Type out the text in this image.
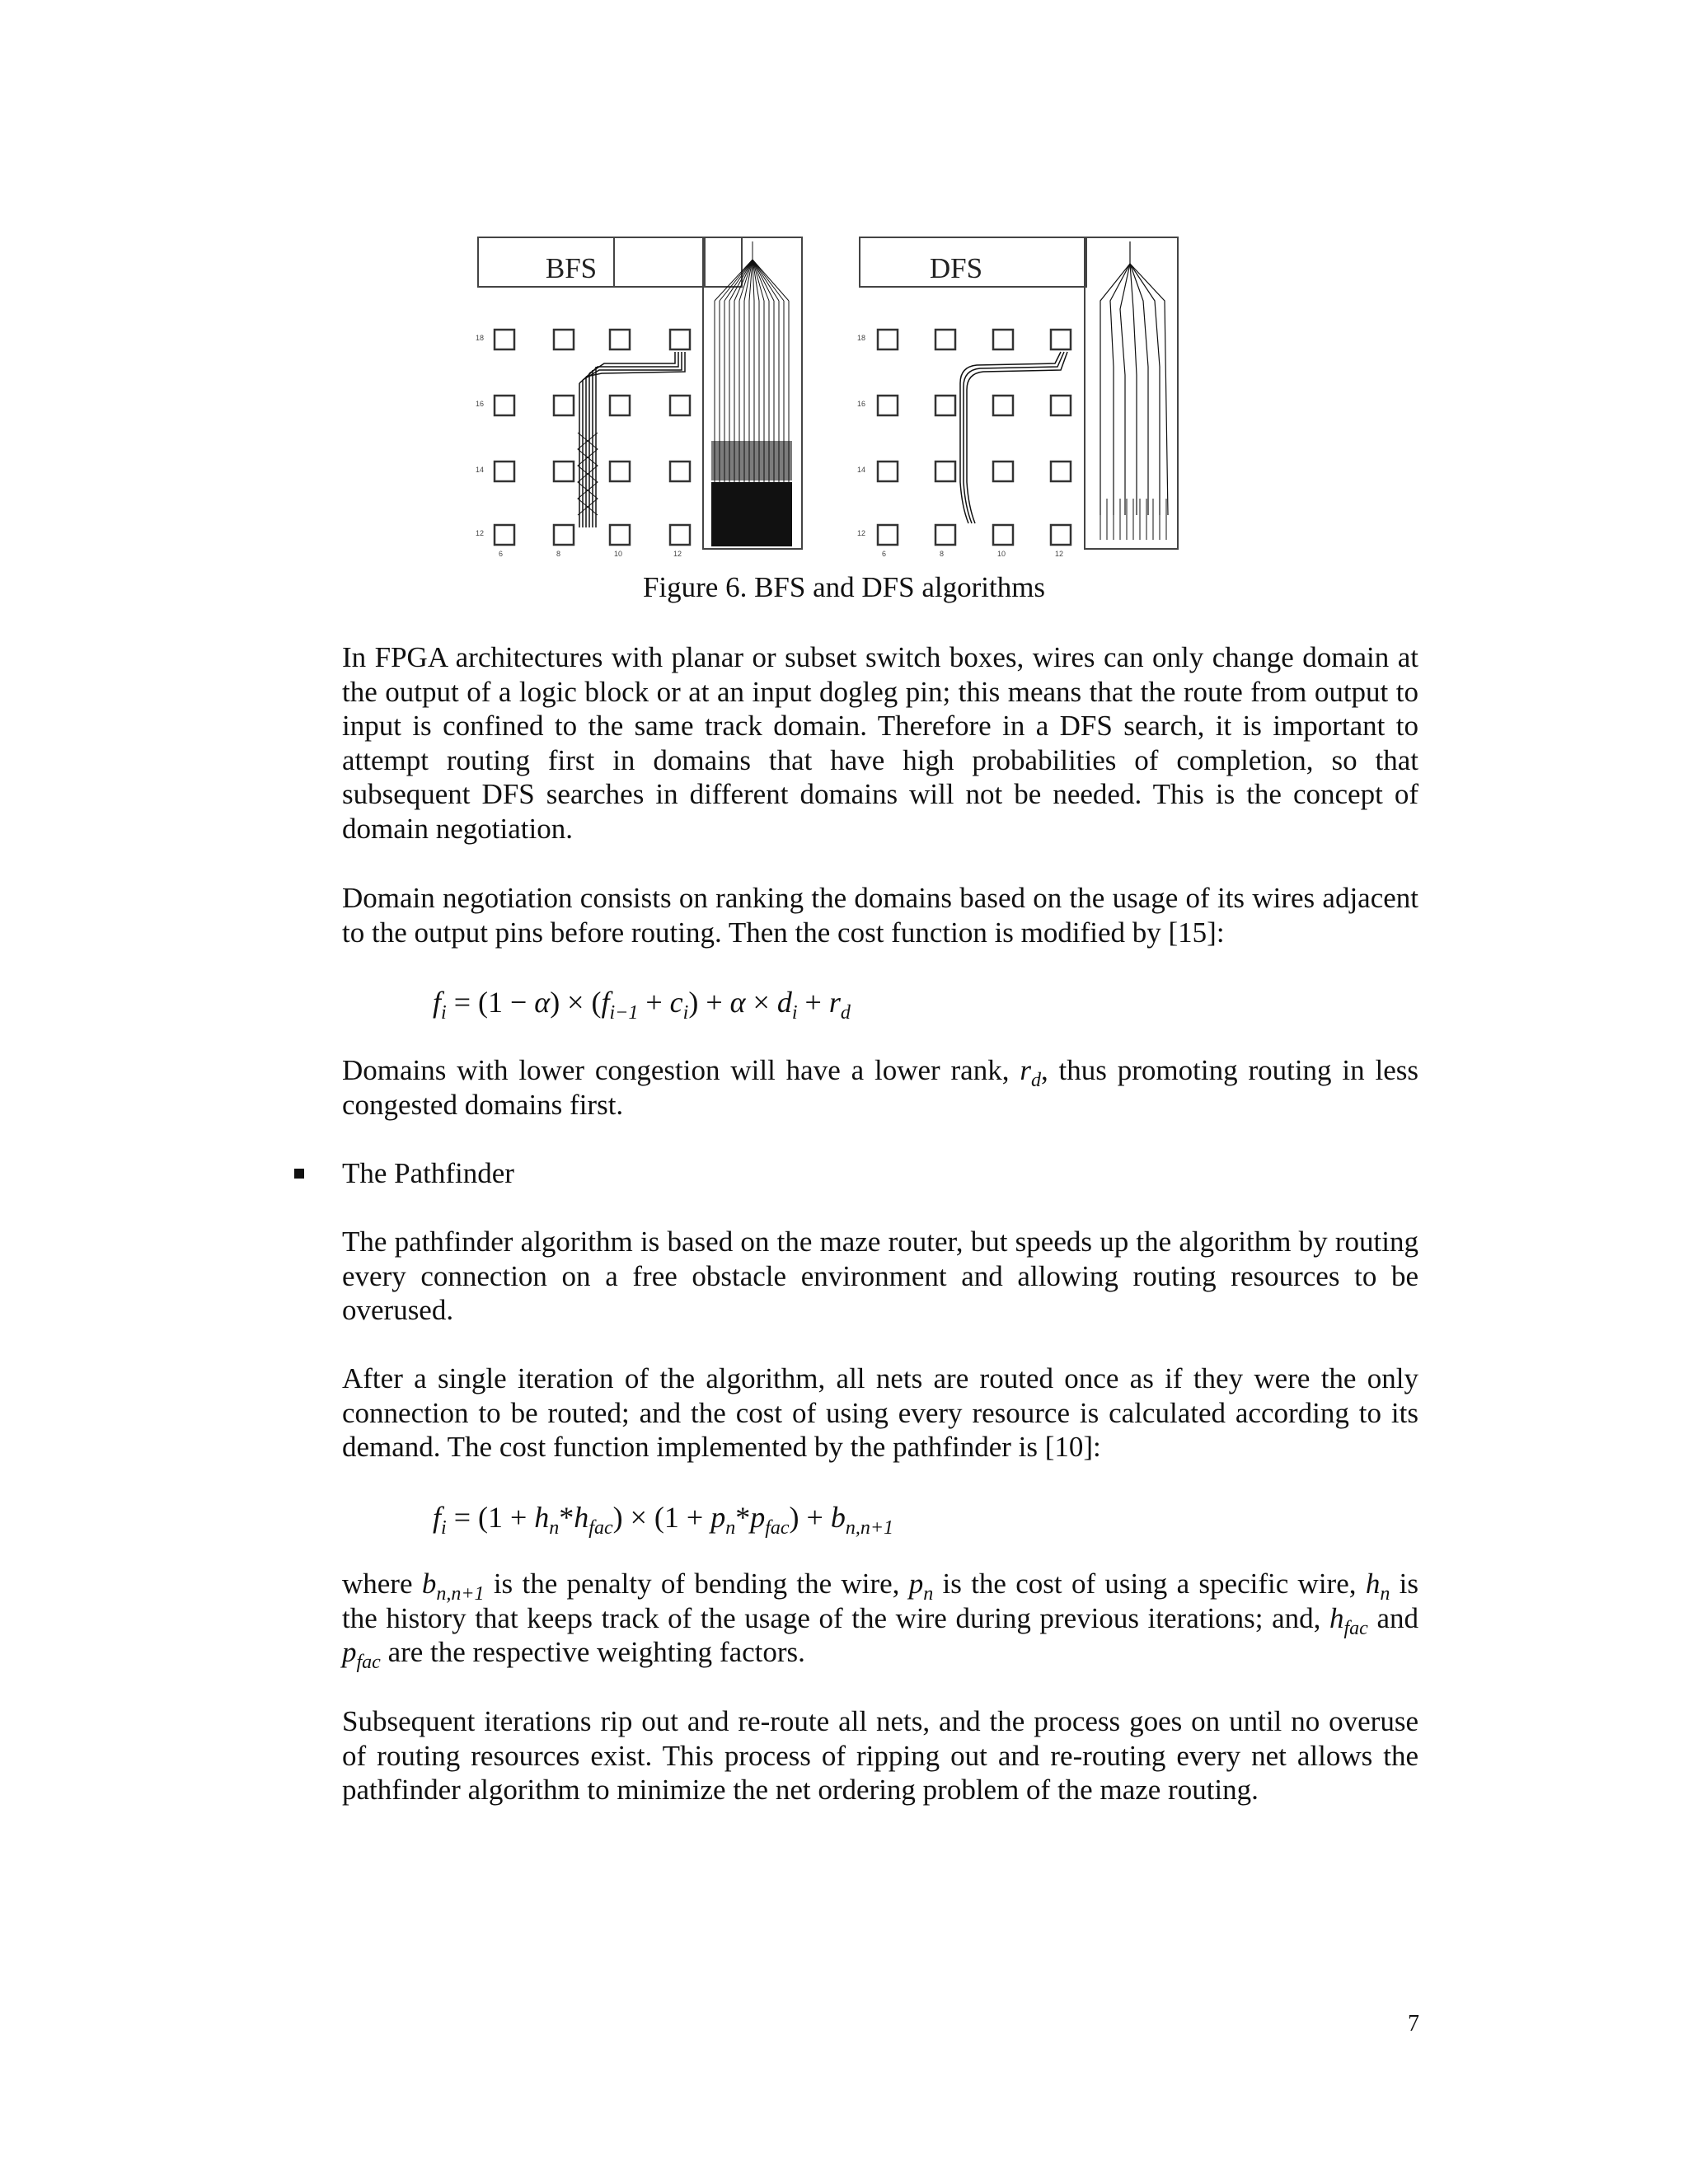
BFS
18
16
14
12
6	8	10	12
DFS
18
16
14
12
6	8	10	12
Figure 6. BFS and DFS algorithms

In FPGA architectures with planar or subset switch boxes, wires can only change domain at the output of a logic block or at an input dogleg pin; this means that the route from output to input is confined to the same track domain. Therefore in a DFS search, it is important to attempt routing first in domains that have high probabilities of completion, so that subsequent DFS searches in different domains will not be needed. This is the concept of domain negotiation.

Domain negotiation consists on ranking the domains based on the usage of its wires adjacent to the output pins before routing. Then the cost function is modified by [15]:

$f_i = (1 - \alpha) \times (f_{i-1} + c_i) + \alpha \times d_i + r_d$

Domains with lower congestion will have a lower rank, $r_d$, thus promoting routing in less congested domains first.

The Pathfinder

The pathfinder algorithm is based on the maze router, but speeds up the algorithm by routing every connection on a free obstacle environment and allowing routing resources to be overused.

After a single iteration of the algorithm, all nets are routed once as if they were the only connection to be routed; and the cost of using every resource is calculated according to its demand. The cost function implemented by the pathfinder is [10]:

$f_i = (1 + h_n*h_{fac}) \times (1 + p_n*p_{fac}) + b_{n,n+1}$

where $b_{n,n+1}$ is the penalty of bending the wire, $p_n$ is the cost of using a specific wire, $h_n$ is the history that keeps track of the usage of the wire during previous iterations; and, $h_{fac}$ and $p_{fac}$ are the respective weighting factors.

Subsequent iterations rip out and re-route all nets, and the process goes on until no overuse of routing resources exist. This process of ripping out and re-routing every net allows the pathfinder algorithm to minimize the net ordering problem of the maze routing.

7
